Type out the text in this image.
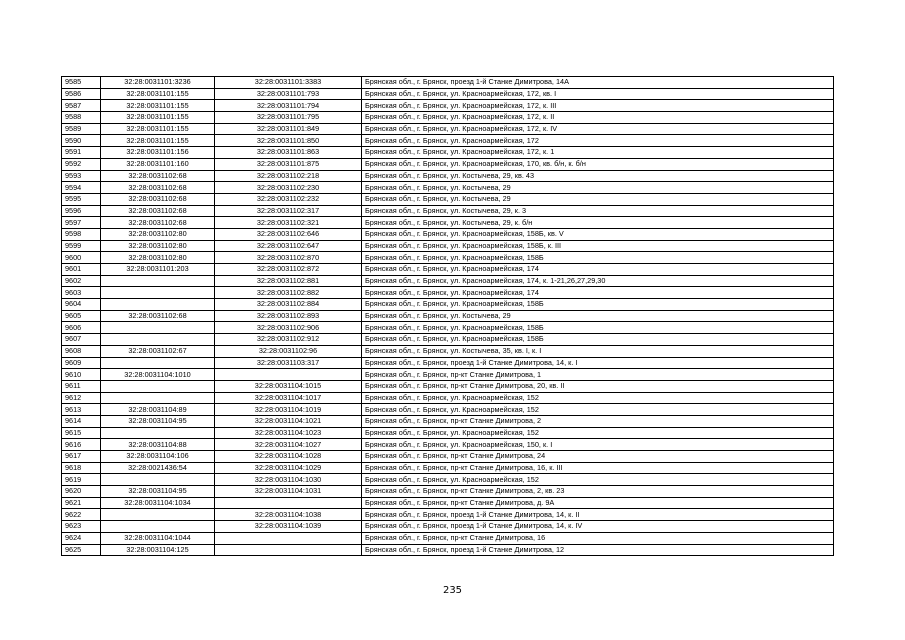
9585	32:28:0031101:3236	32:28:0031101:3383	Брянская обл., г. Брянск, проезд 1-й Станке Димитрова, 14А
9586	32:28:0031101:155	32:28:0031101:793	Брянская обл., г. Брянск, ул. Красноармейская, 172, кв. I
9587	32:28:0031101:155	32:28:0031101:794	Брянская обл., г. Брянск, ул. Красноармейская, 172, к. III
9588	32:28:0031101:155	32:28:0031101:795	Брянская обл., г. Брянск, ул. Красноармейская, 172, к. II
9589	32:28:0031101:155	32:28:0031101:849	Брянская обл., г. Брянск, ул. Красноармейская, 172, к. IV
9590	32:28:0031101:155	32:28:0031101:850	Брянская обл., г. Брянск, ул. Красноармейская, 172
9591	32:28:0031101:156	32:28:0031101:863	Брянская обл., г. Брянск, ул. Красноармейская, 172, к. 1
9592	32:28:0031101:160	32:28:0031101:875	Брянская обл., г. Брянск, ул. Красноармейская, 170, кв. б/н, к. б/н
9593	32:28:0031102:68	32:28:0031102:218	Брянская обл., г. Брянск, ул. Костычева, 29, кв. 43
9594	32:28:0031102:68	32:28:0031102:230	Брянская обл., г. Брянск, ул. Костычева, 29
9595	32:28:0031102:68	32:28:0031102:232	Брянская обл., г. Брянск, ул. Костычева, 29
9596	32:28:0031102:68	32:28:0031102:317	Брянская обл., г. Брянск, ул. Костычева, 29, к. 3
9597	32:28:0031102:68	32:28:0031102:321	Брянская обл., г. Брянск, ул. Костычева, 29, к. б/н
9598	32:28:0031102:80	32:28:0031102:646	Брянская обл., г. Брянск, ул. Красноармейская, 158Б, кв. V
9599	32:28:0031102:80	32:28:0031102:647	Брянская обл., г. Брянск, ул. Красноармейская, 158Б, к. III
9600	32:28:0031102:80	32:28:0031102:870	Брянская обл., г. Брянск, ул. Красноармейская, 158Б
9601	32:28:0031101:203	32:28:0031102:872	Брянская обл., г. Брянск, ул. Красноармейская, 174
9602		32:28:0031102:881	Брянская обл., г. Брянск, ул. Красноармейская, 174, к. 1-21,26,27,29,30
9603		32:28:0031102:882	Брянская обл., г. Брянск, ул. Красноармейская, 174
9604		32:28:0031102:884	Брянская обл., г. Брянск, ул. Красноармейская, 158Б
9605	32:28:0031102:68	32:28:0031102:893	Брянская обл., г. Брянск, ул. Костычева, 29
9606		32:28:0031102:906	Брянская обл., г. Брянск, ул. Красноармейская, 158Б
9607		32:28:0031102:912	Брянская обл., г. Брянск, ул. Красноармейская, 158Б
9608	32:28:0031102:67	32:28:0031102:96	Брянская обл., г. Брянск, ул. Костычева, 35, кв. I, к. I
9609		32:28:0031103:317	Брянская обл., г. Брянск, проезд 1-й Станке Димитрова, 14, к. I
9610	32:28:0031104:1010		Брянская обл., г. Брянск, пр-кт Станке Димитрова, 1
9611		32:28:0031104:1015	Брянская обл., г. Брянск, пр-кт Станке Димитрова, 20, кв. II
9612		32:28:0031104:1017	Брянская обл., г. Брянск, ул. Красноармейская, 152
9613	32:28:0031104:89	32:28:0031104:1019	Брянская обл., г. Брянск, ул. Красноармейская, 152
9614	32:28:0031104:95	32:28:0031104:1021	Брянская обл., г. Брянск, пр-кт Станке Димитрова, 2
9615		32:28:0031104:1023	Брянская обл., г. Брянск, ул. Красноармейская, 152
9616	32:28:0031104:88	32:28:0031104:1027	Брянская обл., г. Брянск, ул. Красноармейская, 150, к. I
9617	32:28:0031104:106	32:28:0031104:1028	Брянская обл., г. Брянск, пр-кт Станке Димитрова, 24
9618	32:28:0021436:54	32:28:0031104:1029	Брянская обл., г. Брянск, пр-кт Станке Димитрова, 16, к. III
9619		32:28:0031104:1030	Брянская обл., г. Брянск, ул. Красноармейская, 152
9620	32:28:0031104:95	32:28:0031104:1031	Брянская обл., г. Брянск, пр-кт Станке Димитрова, 2, кв. 23
9621	32:28:0031104:1034		Брянская обл., г. Брянск, пр-кт Станке Димитрова, д. 9А
9622		32:28:0031104:1038	Брянская обл., г. Брянск, проезд 1-й Станке Димитрова, 14, к. II
9623		32:28:0031104:1039	Брянская обл., г. Брянск, проезд 1-й Станке Димитрова, 14, к. IV
9624	32:28:0031104:1044		Брянская обл., г. Брянск, пр-кт Станке Димитрова, 16
9625	32:28:0031104:125		Брянская обл., г. Брянск, проезд 1-й Станке Димитрова, 12
235
